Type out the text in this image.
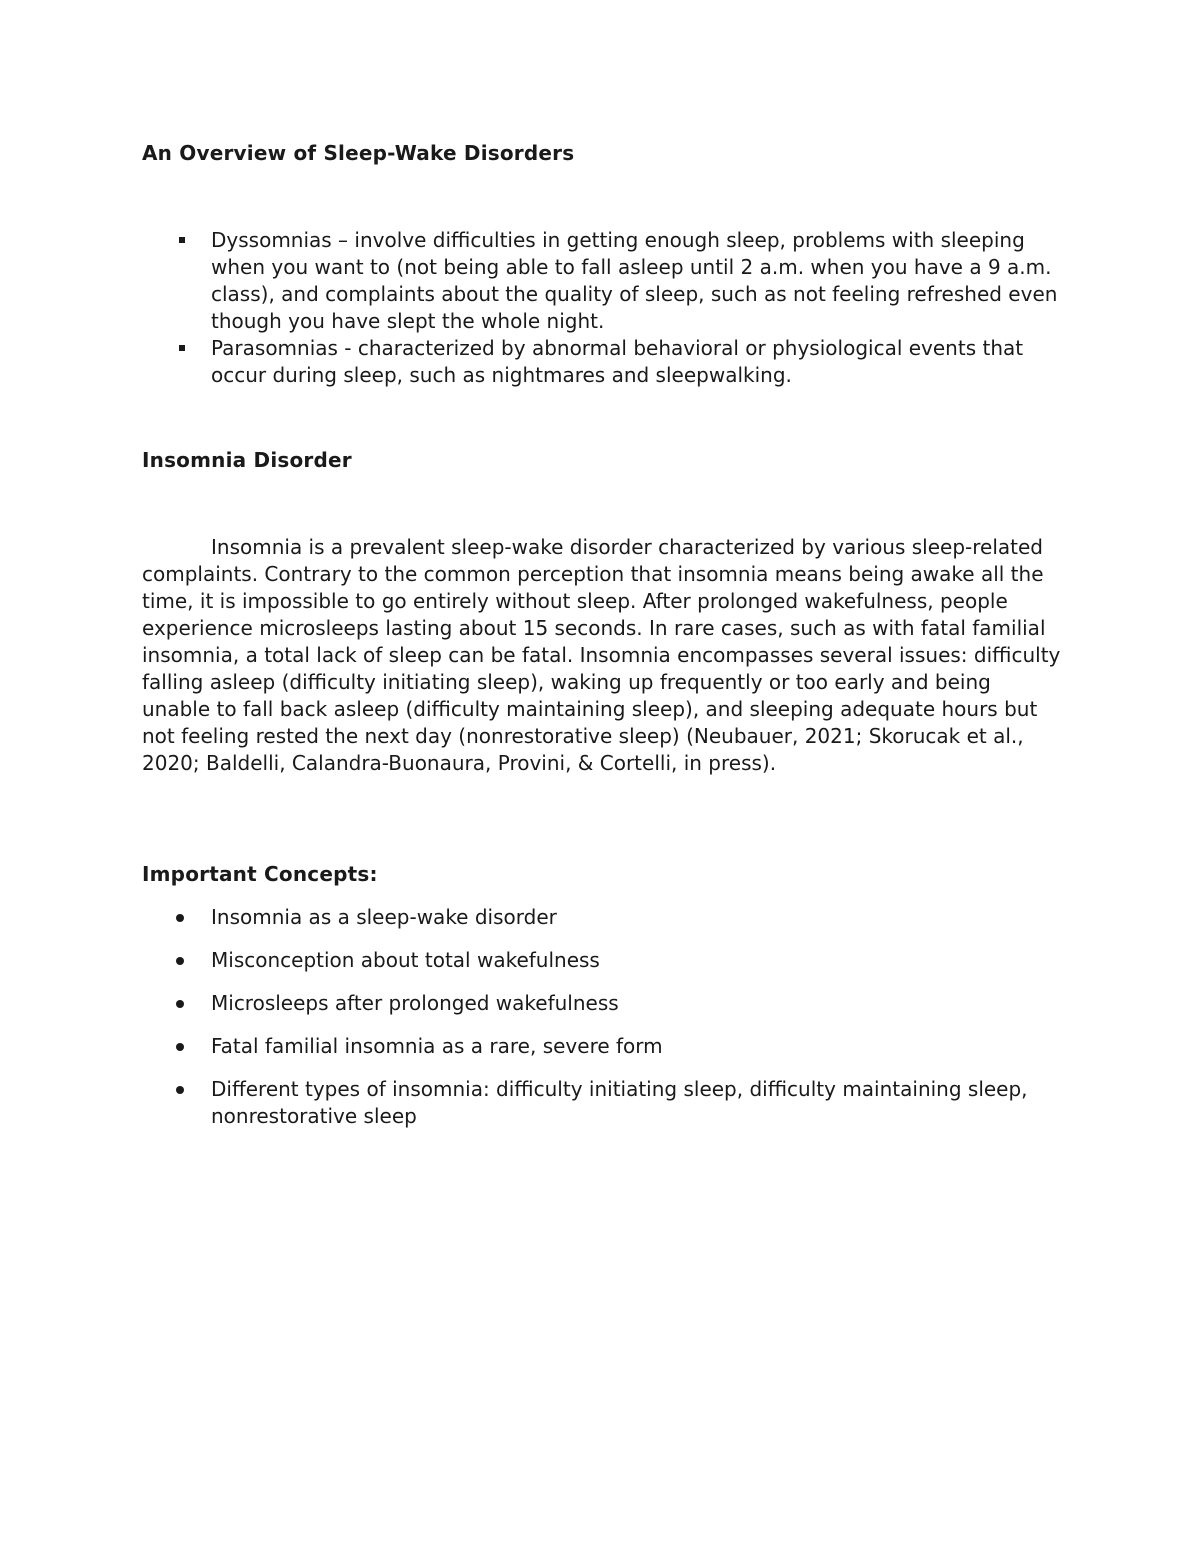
An Overview of Sleep-Wake Disorders
Dyssomnias – involve difficulties in getting enough sleep, problems with sleeping when you want to (not being able to fall asleep until 2 a.m. when you have a 9 a.m. class), and complaints about the quality of sleep, such as not feeling refreshed even though you have slept the whole night.
Parasomnias - characterized by abnormal behavioral or physiological events that occur during sleep, such as nightmares and sleepwalking.
Insomnia Disorder

Insomnia is a prevalent sleep-wake disorder characterized by various sleep-related complaints. Contrary to the common perception that insomnia means being awake all the time, it is impossible to go entirely without sleep. After prolonged wakefulness, people experience microsleeps lasting about 15 seconds. In rare cases, such as with fatal familial insomnia, a total lack of sleep can be fatal. Insomnia encompasses several issues: difficulty falling asleep (difficulty initiating sleep), waking up frequently or too early and being unable to fall back asleep (difficulty maintaining sleep), and sleeping adequate hours but not feeling rested the next day (nonrestorative sleep) (Neubauer, 2021; Skorucak et al., 2020; Baldelli, Calandra-Buonaura, Provini, & Cortelli, in press).

Important Concepts:
Insomnia as a sleep-wake disorder
Misconception about total wakefulness
Microsleeps after prolonged wakefulness
Fatal familial insomnia as a rare, severe form
Different types of insomnia: difficulty initiating sleep, difficulty maintaining sleep, nonrestorative sleep
